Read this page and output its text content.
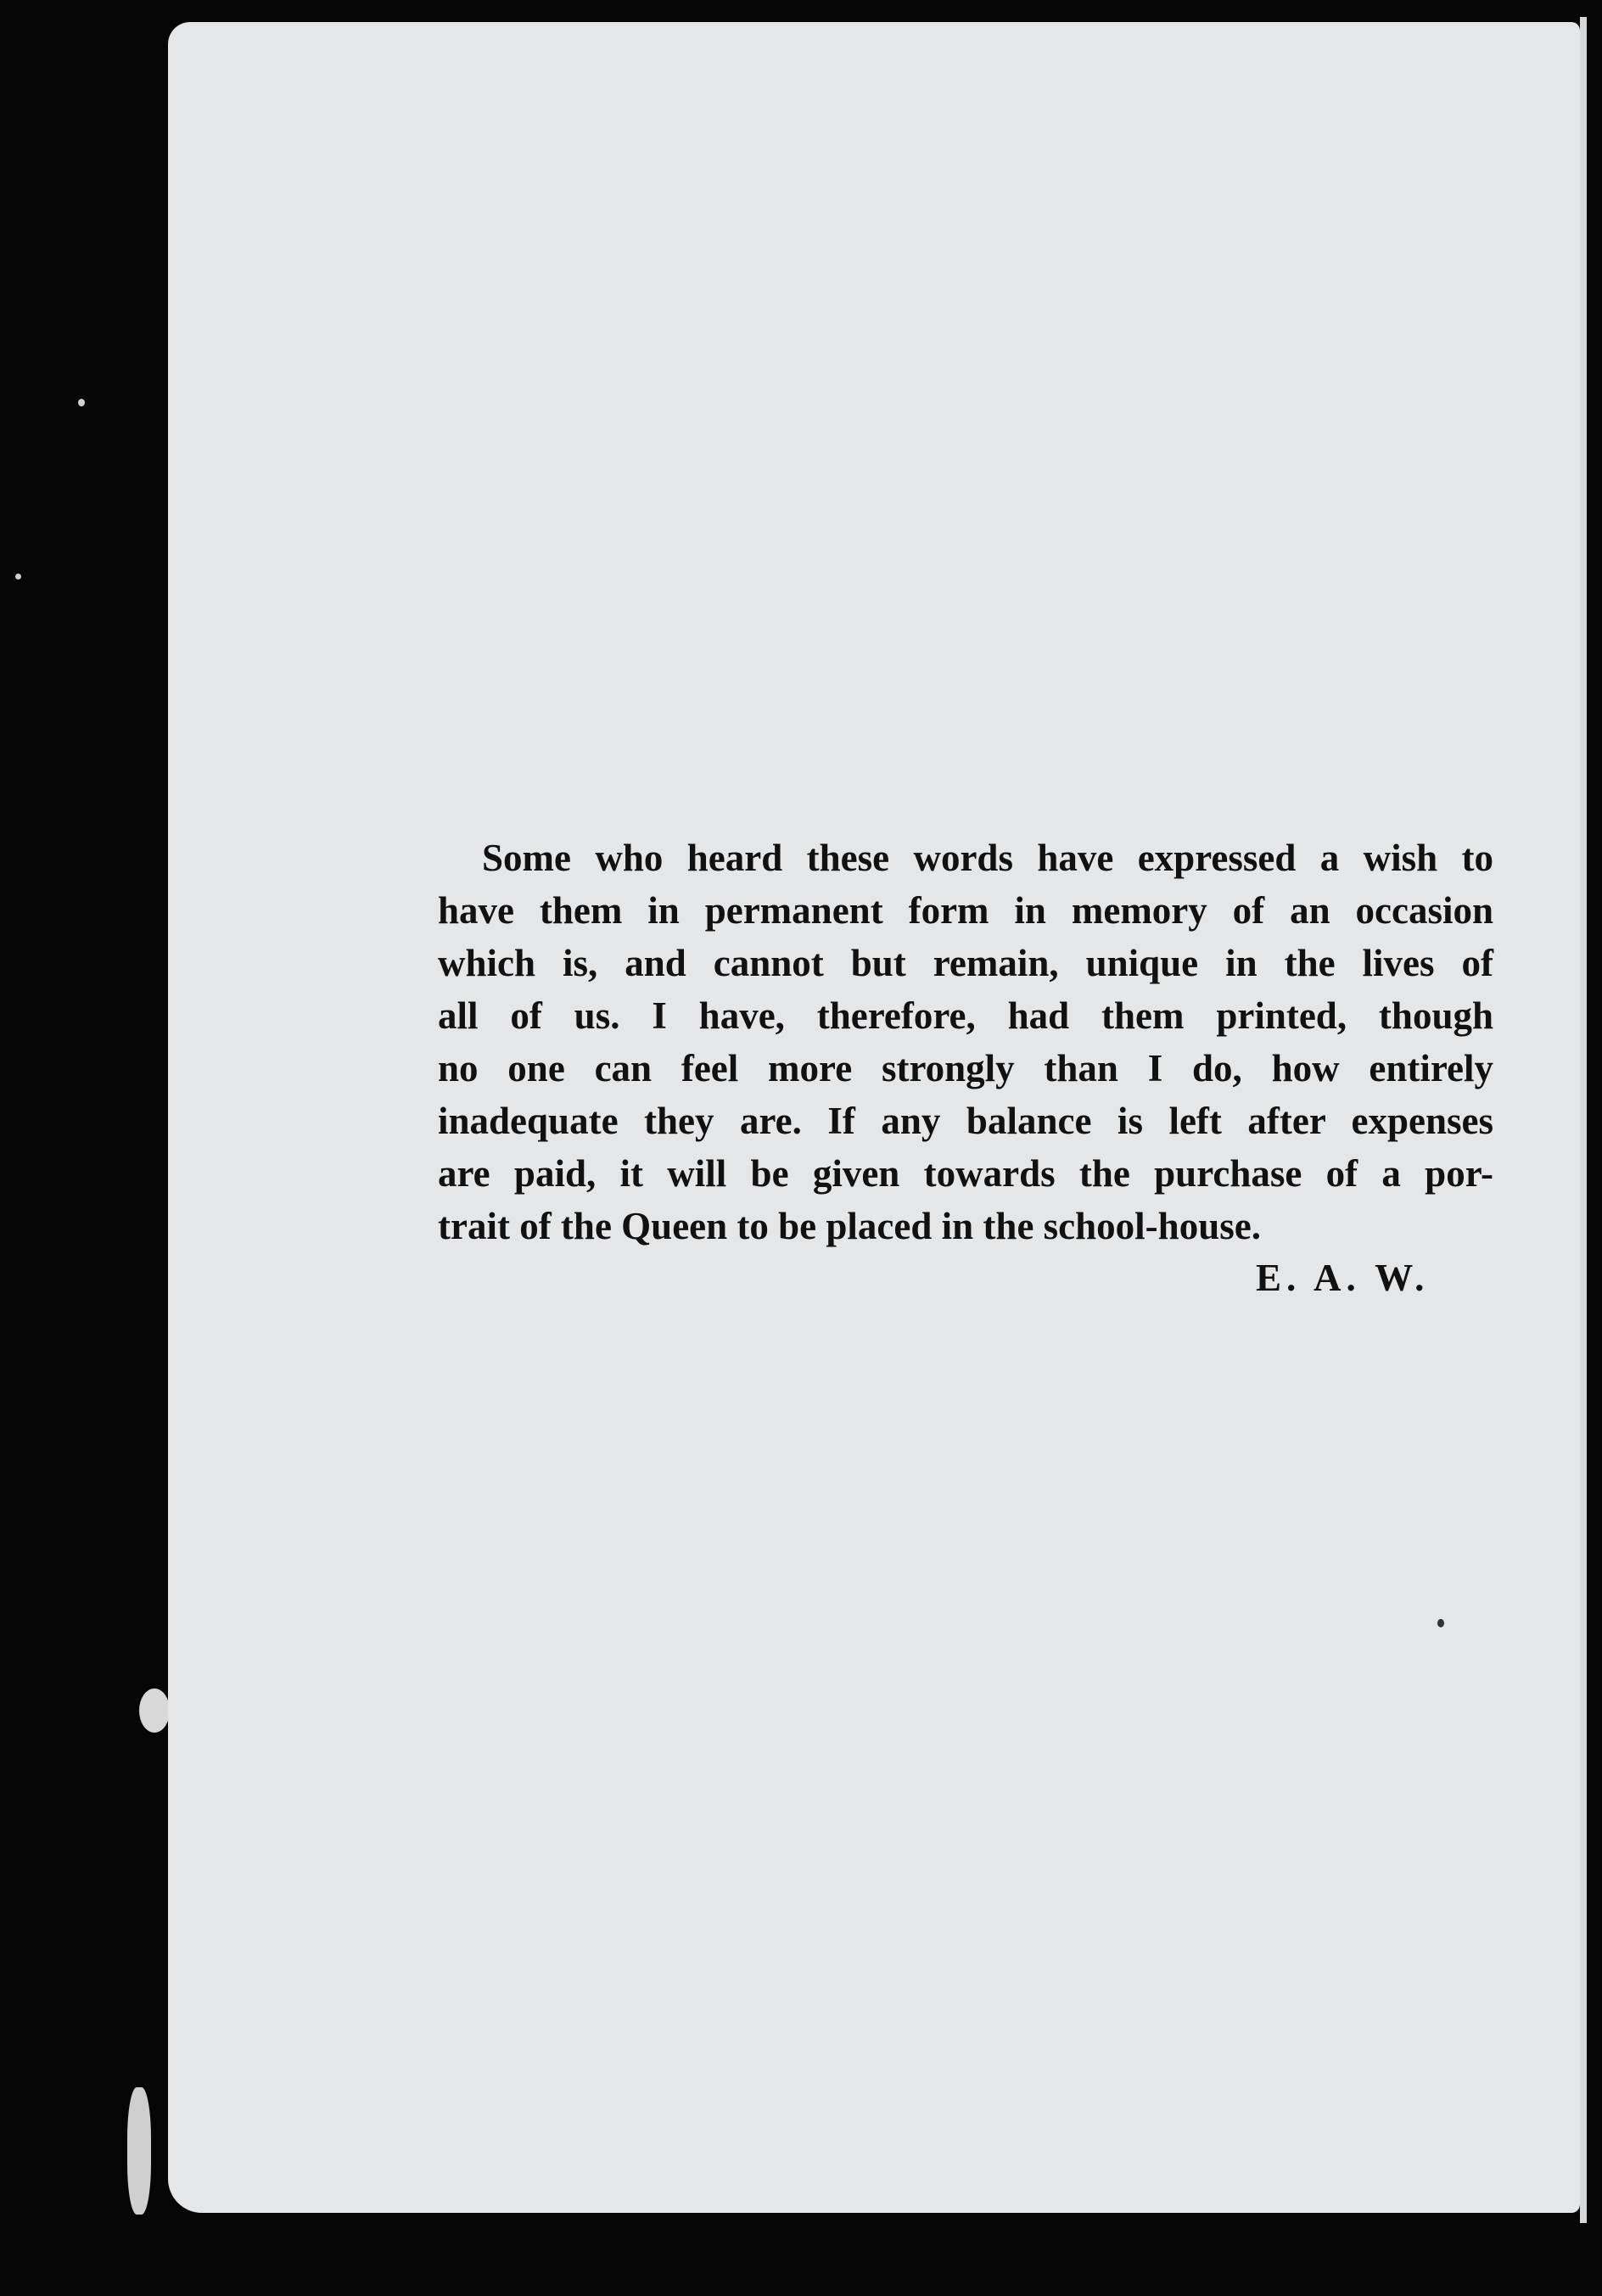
Some who heard these words have expressed a wish to
have them in permanent form in memory of an occasion
which is, and cannot but remain, unique in the lives of
all of us. I have, therefore, had them printed, though
no one can feel more strongly than I do, how entirely
inadequate they are. If any balance is left after expenses
are paid, it will be given towards the purchase of a por-
trait of the Queen to be placed in the school-house.
E. A. W.
